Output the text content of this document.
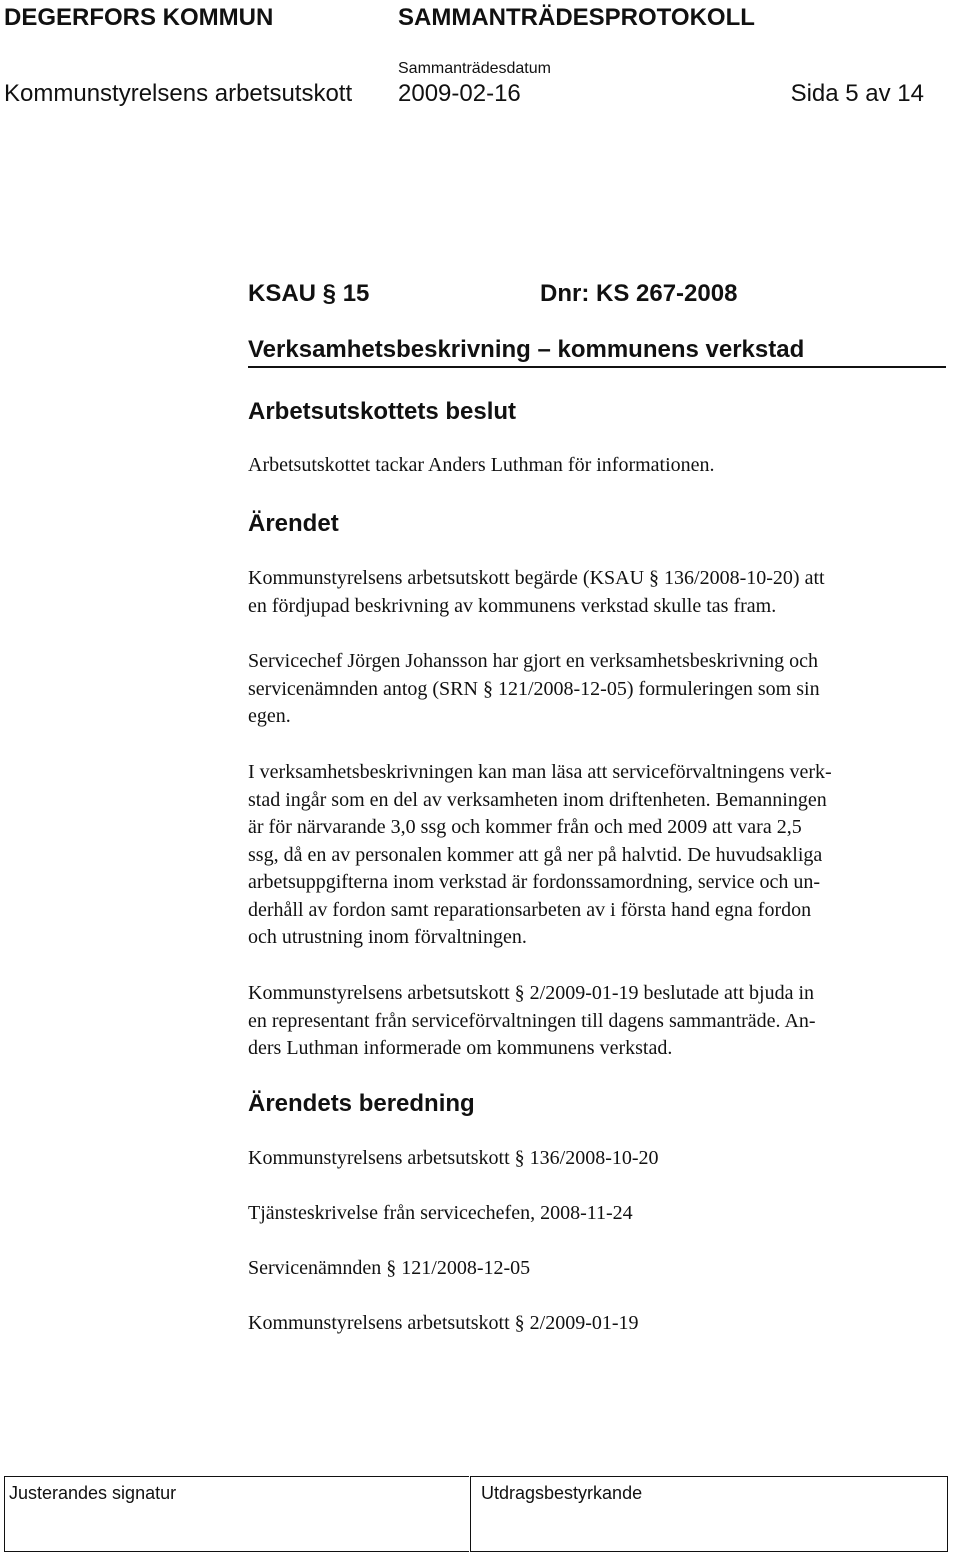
DEGERFORS KOMMUN	SAMMANTRÄDESPROTOKOLL
Sammanträdesdatum
Kommunstyrelsens arbetsutskott 2009-02-16	Sida 5 av 14
KSAU § 15	Dnr: KS 267-2008
Verksamhetsbeskrivning – kommunens verkstad
Arbetsutskottets beslut
Arbetsutskottet tackar Anders Luthman för informationen.
Ärendet
Kommunstyrelsens arbetsutskott begärde (KSAU § 136/2008-10-20) att
en fördjupad beskrivning av kommunens verkstad skulle tas fram.
Servicechef Jörgen Johansson har gjort en verksamhetsbeskrivning och
servicenämnden antog (SRN § 121/2008-12-05) formuleringen som sin
egen.
I verksamhetsbeskrivningen kan man läsa att serviceförvaltningens verk-
stad ingår som en del av verksamheten inom driftenheten. Bemanningen
är för närvarande 3,0 ssg och kommer från och med 2009 att vara 2,5
ssg, då en av personalen kommer att gå ner på halvtid. De huvudsakliga
arbetsuppgifterna inom verkstad är fordonssamordning, service och un-
derhåll av fordon samt reparationsarbeten av i första hand egna fordon
och utrustning inom förvaltningen.
Kommunstyrelsens arbetsutskott § 2/2009-01-19 beslutade att bjuda in
en representant från serviceförvaltningen till dagens sammanträde. An-
ders Luthman informerade om kommunens verkstad.
Ärendets beredning
Kommunstyrelsens arbetsutskott § 136/2008-10-20
Tjänsteskrivelse från servicechefen, 2008-11-24
Servicenämnden § 121/2008-12-05
Kommunstyrelsens arbetsutskott § 2/2009-01-19
Justerandes signatur	Utdragsbestyrkande
